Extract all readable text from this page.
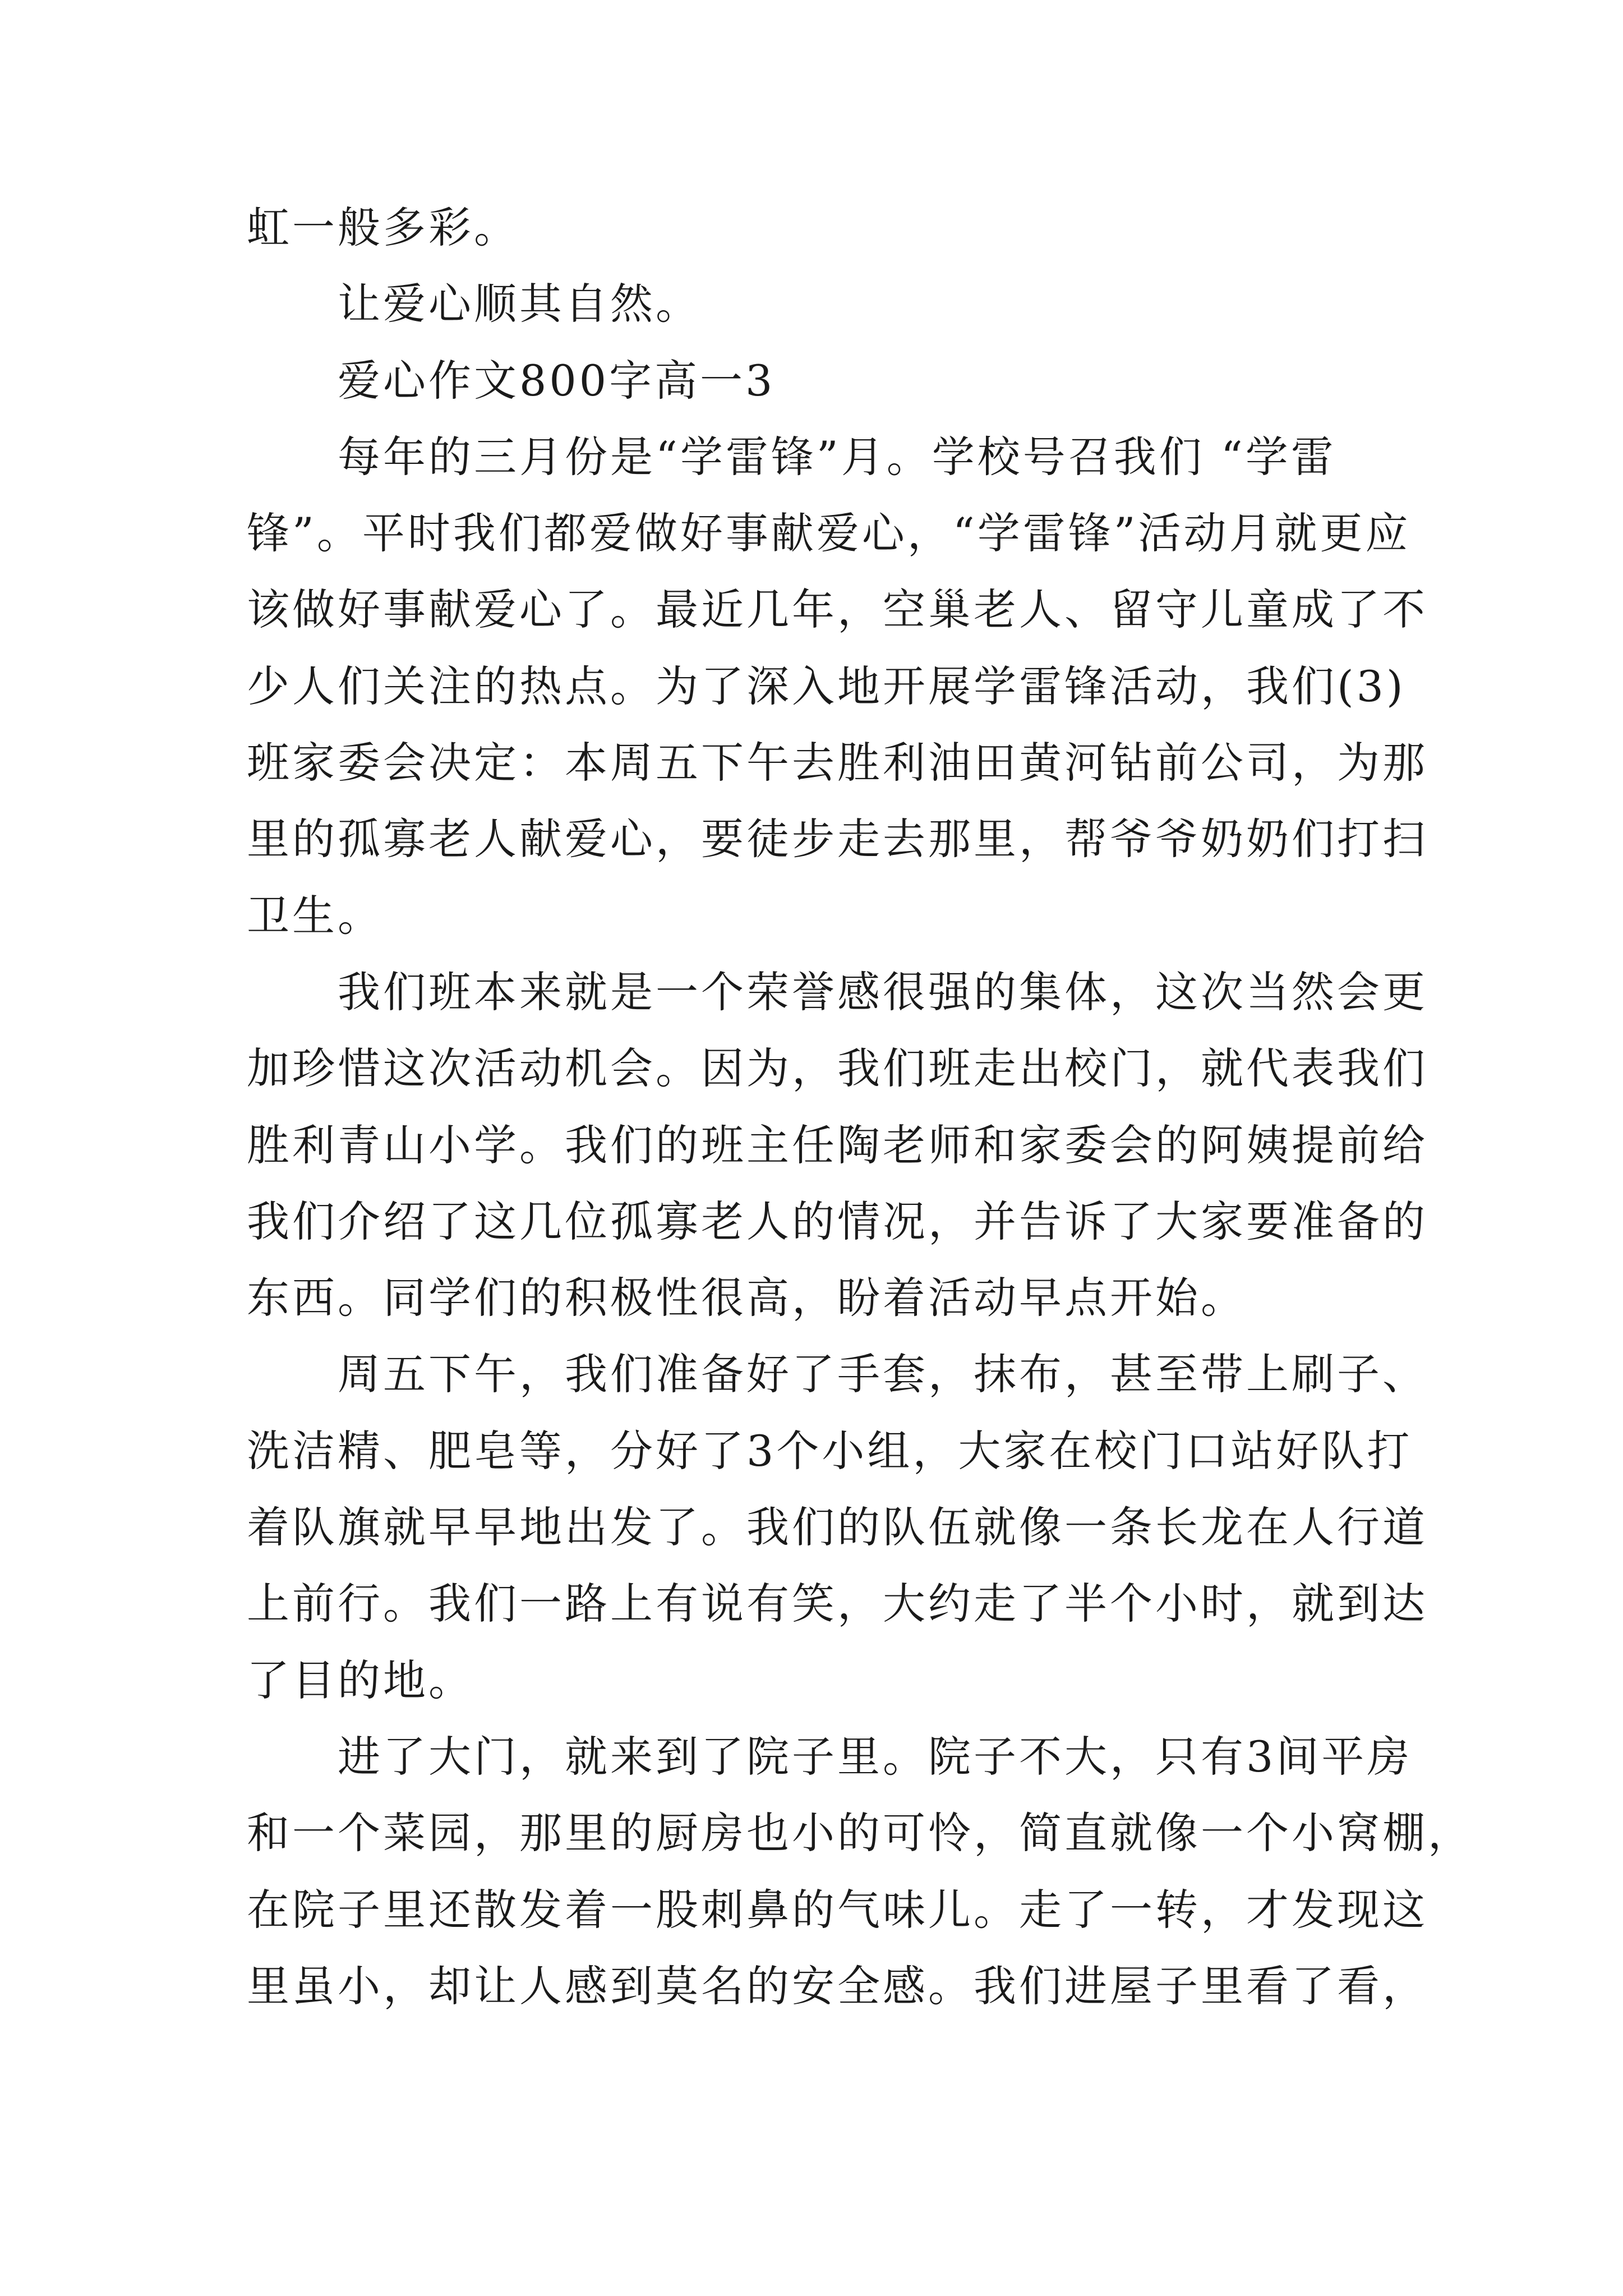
虹一般多彩。
　　让爱心顺其自然。
　　爱心作文800字高一3
　　每年的三月份是“学雷锋”月。学校号召我们 “学雷
锋”。平时我们都爱做好事献爱心，“学雷锋”活动月就更应
该做好事献爱心了。最近几年，空巢老人、留守儿童成了不
少人们关注的热点。为了深入地开展学雷锋活动，我们(3)
班家委会决定：本周五下午去胜利油田黄河钻前公司，为那
里的孤寡老人献爱心，要徒步走去那里，帮爷爷奶奶们打扫
卫生。
　　我们班本来就是一个荣誉感很强的集体，这次当然会更
加珍惜这次活动机会。因为，我们班走出校门，就代表我们
胜利青山小学。我们的班主任陶老师和家委会的阿姨提前给
我们介绍了这几位孤寡老人的情况，并告诉了大家要准备的
东西。同学们的积极性很高，盼着活动早点开始。
　　周五下午，我们准备好了手套，抹布，甚至带上刷子、
洗洁精、肥皂等，分好了3个小组，大家在校门口站好队打
着队旗就早早地出发了。我们的队伍就像一条长龙在人行道
上前行。我们一路上有说有笑，大约走了半个小时，就到达
了目的地。
　　进了大门，就来到了院子里。院子不大，只有3间平房
和一个菜园，那里的厨房也小的可怜，简直就像一个小窝棚，
在院子里还散发着一股刺鼻的气味儿。走了一转，才发现这
里虽小，却让人感到莫名的安全感。我们进屋子里看了看，
